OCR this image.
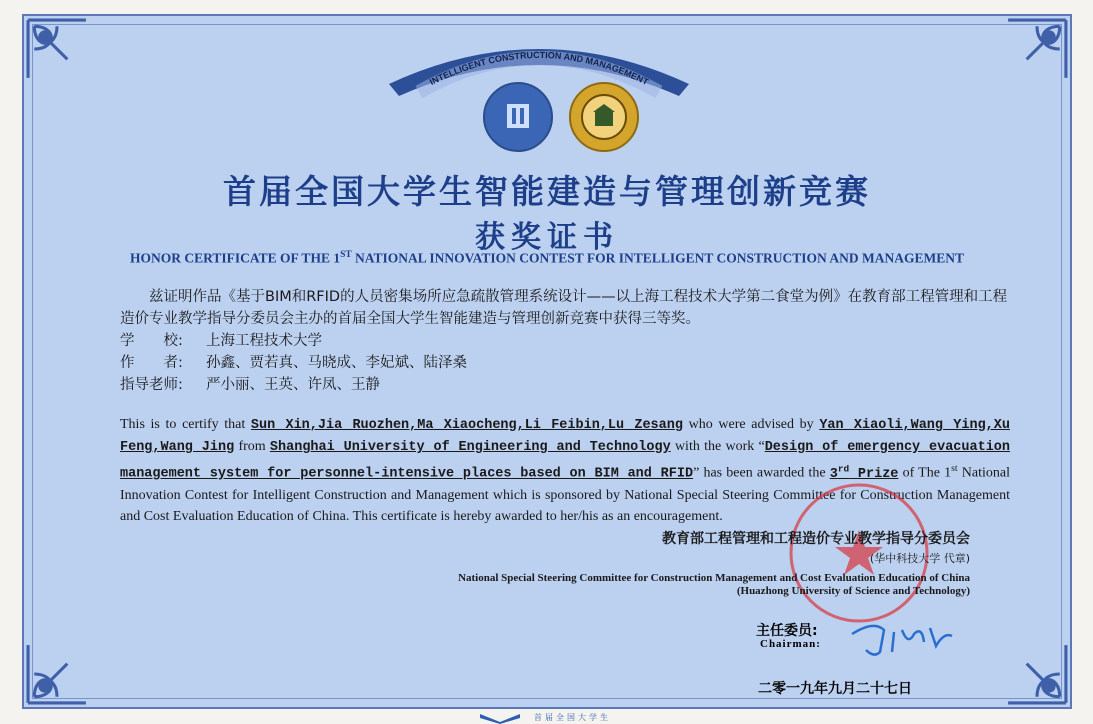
INTELLIGENT CONSTRUCTION AND MANAGEMENT
首届全国大学生智能建造与管理创新竞赛
获奖证书
HONOR CERTIFICATE OF THE 1ST NATIONAL INNOVATION CONTEST FOR INTELLIGENT CONSTRUCTION AND MANAGEMENT

兹证明作品《基于BIM和RFID的人员密集场所应急疏散管理系统设计——以上海工程技术大学第二食堂为例》在教育部工程管理和工程造价专业教学指导分委员会主办的首届全国大学生智能建造与管理创新竞赛中获得三等奖。

学　　校: 上海工程技术大学
作　　者: 孙鑫、贾若真、马晓成、李妃斌、陆泽桑
指导老师: 严小丽、王英、许凤、王静
This is to certify that Sun Xin,Jia Ruozhen,Ma Xiaocheng,Li Feibin,Lu Zesang who were advised by Yan Xiaoli,Wang Ying,Xu Feng,Wang Jing from Shanghai University of Engineering and Technology with the work “Design of emergency evacuation management system for personnel-intensive places based on BIM and RFID” has been awarded the 3rd Prize of The 1st National Innovation Contest for Intelligent Construction and Management which is sponsored by National Special Steering Committee for Construction Management and Cost Evaluation Education of China. This certificate is hereby awarded to her/his as an encouragement.
教育部工程管理和工程造价专业教学指导分委员会
(华中科技大学 代章)
National Special Steering Committee for Construction Management and Cost Evaluation Education of China
(Huazhong University of Science and Technology)
主任委员:
Chairman:
二零一九年九月二十七日
首届全国大学生
